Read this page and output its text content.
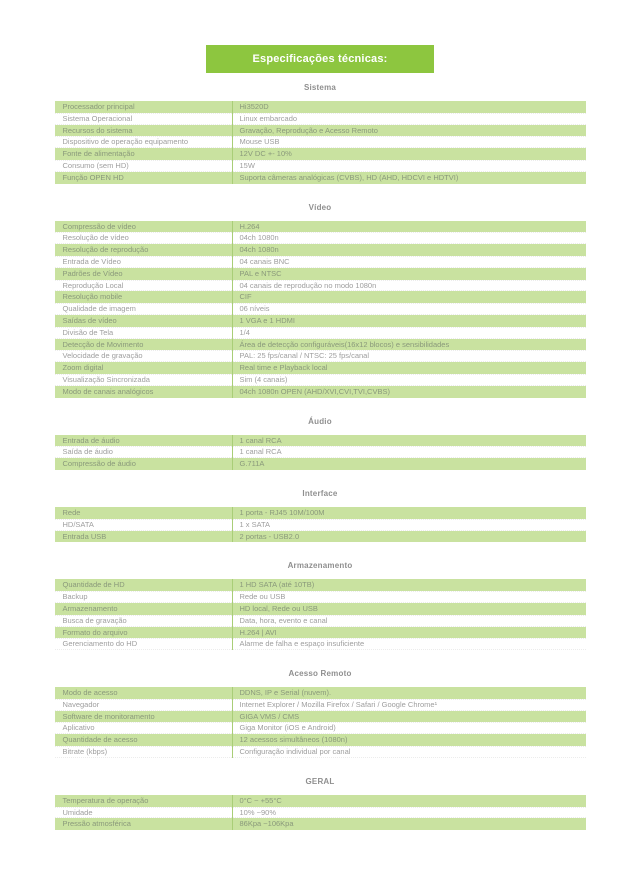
Especificações técnicas:
Sistema
Processador principal	Hi3520D
Sistema Operacional	Linux embarcado
Recursos do sistema	Gravação, Reprodução e Acesso Remoto
Dispositivo de operação equipamento	Mouse USB
Fonte de alimentação	12V DC +- 10%
Consumo (sem HD)	15W
Função OPEN HD	Suporta câmeras analógicas (CVBS), HD (AHD, HDCVI e HDTVI)
Vídeo
Compressão de vídeo	H.264
Resolução de vídeo	04ch 1080n
Resolução de reprodução	04ch 1080n
Entrada de Vídeo	04 canais BNC
Padrões de Vídeo	PAL e NTSC
Reprodução Local	04 canais de reprodução no modo 1080n
Resolução mobile	CIF
Qualidade de imagem	06 níveis
Saídas de vídeo	1 VGA e 1 HDMI
Divisão de Tela	1/4
Detecção de Movimento	Área de detecção configuráveis(16x12 blocos) e sensibilidades
Velocidade de gravação	PAL: 25 fps/canal / NTSC: 25 fps/canal
Zoom digital	Real time e Playback local
Visualização Sincronizada	Sim (4 canais)
Modo de canais analógicos	04ch 1080n OPEN (AHD/XVI,CVI,TVI,CVBS)
Áudio
Entrada de áudio	1 canal RCA
Saída de áudio	1 canal RCA
Compressão de áudio	G.711A
Interface
Rede	1 porta - RJ45 10M/100M
HD/SATA	1 x SATA
Entrada USB	2 portas - USB2.0
Armazenamento
Quantidade de HD	1 HD SATA (até 10TB)
Backup	Rede ou USB
Armazenamento	HD local, Rede ou USB
Busca de gravação	Data, hora, evento e canal
Formato do arquivo	H.264 | AVI
Gerenciamento do HD	Alarme de falha e espaço insuficiente
Acesso Remoto
Modo de acesso	DDNS, IP e Serial (nuvem).
Navegador	Internet Explorer / Mozilla Firefox / Safari / Google Chrome¹
Software de monitoramento	GIGA VMS / CMS
Aplicativo	Giga Monitor (iOS e Android)
Quantidade de acesso	12 acessos simultâneos (1080n)
Bitrate (kbps)	Configuração individual por canal
GERAL
Temperatura de operação	0°C ~ +55°C
Umidade	10% ~90%
Pressão atmosférica	86Kpa ~106Kpa
